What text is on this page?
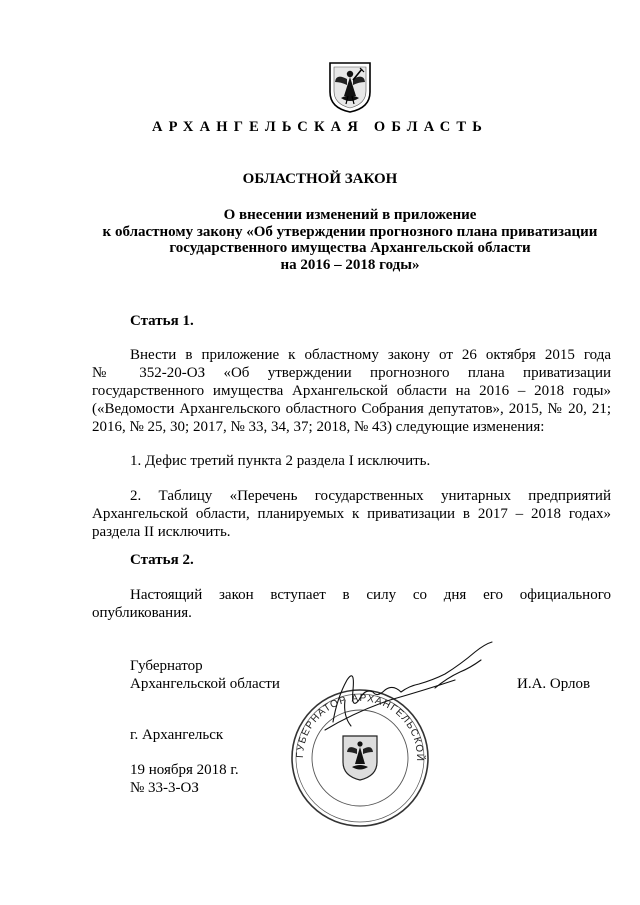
АРХАНГЕЛЬСКАЯ ОБЛАСТЬ
ОБЛАСТНОЙ ЗАКОН
О внесении изменений в приложение
к областному закону «Об утверждении прогнозного плана приватизации
государственного имущества Архангельской области
на 2016 – 2018 годы»
Статья 1.
Внести в приложение к областному закону от 26 октября 2015 года
№ 352-20-ОЗ «Об утверждении прогнозного плана приватизации
государственного имущества Архангельской области на 2016 – 2018 годы»
(«Ведомости Архангельского областного Собрания депутатов», 2015, № 20, 21;
2016, № 25, 30; 2017, № 33, 34, 37; 2018, № 43) следующие изменения:
1. Дефис третий пункта 2 раздела I исключить.
2. Таблицу «Перечень государственных унитарных предприятий
Архангельской области, планируемых к приватизации в 2017 – 2018 годах»
раздела II исключить.
Статья 2.
Настоящий закон вступает в силу со дня его официального
опубликования.
Губернатор
Архангельской области	И.А. Орлов
ГУБЕРНАТОР АРХАНГЕЛЬСКОЙ ОБЛАСТИ
г. Архангельск
19 ноября 2018 г.
№ 33-3-ОЗ
